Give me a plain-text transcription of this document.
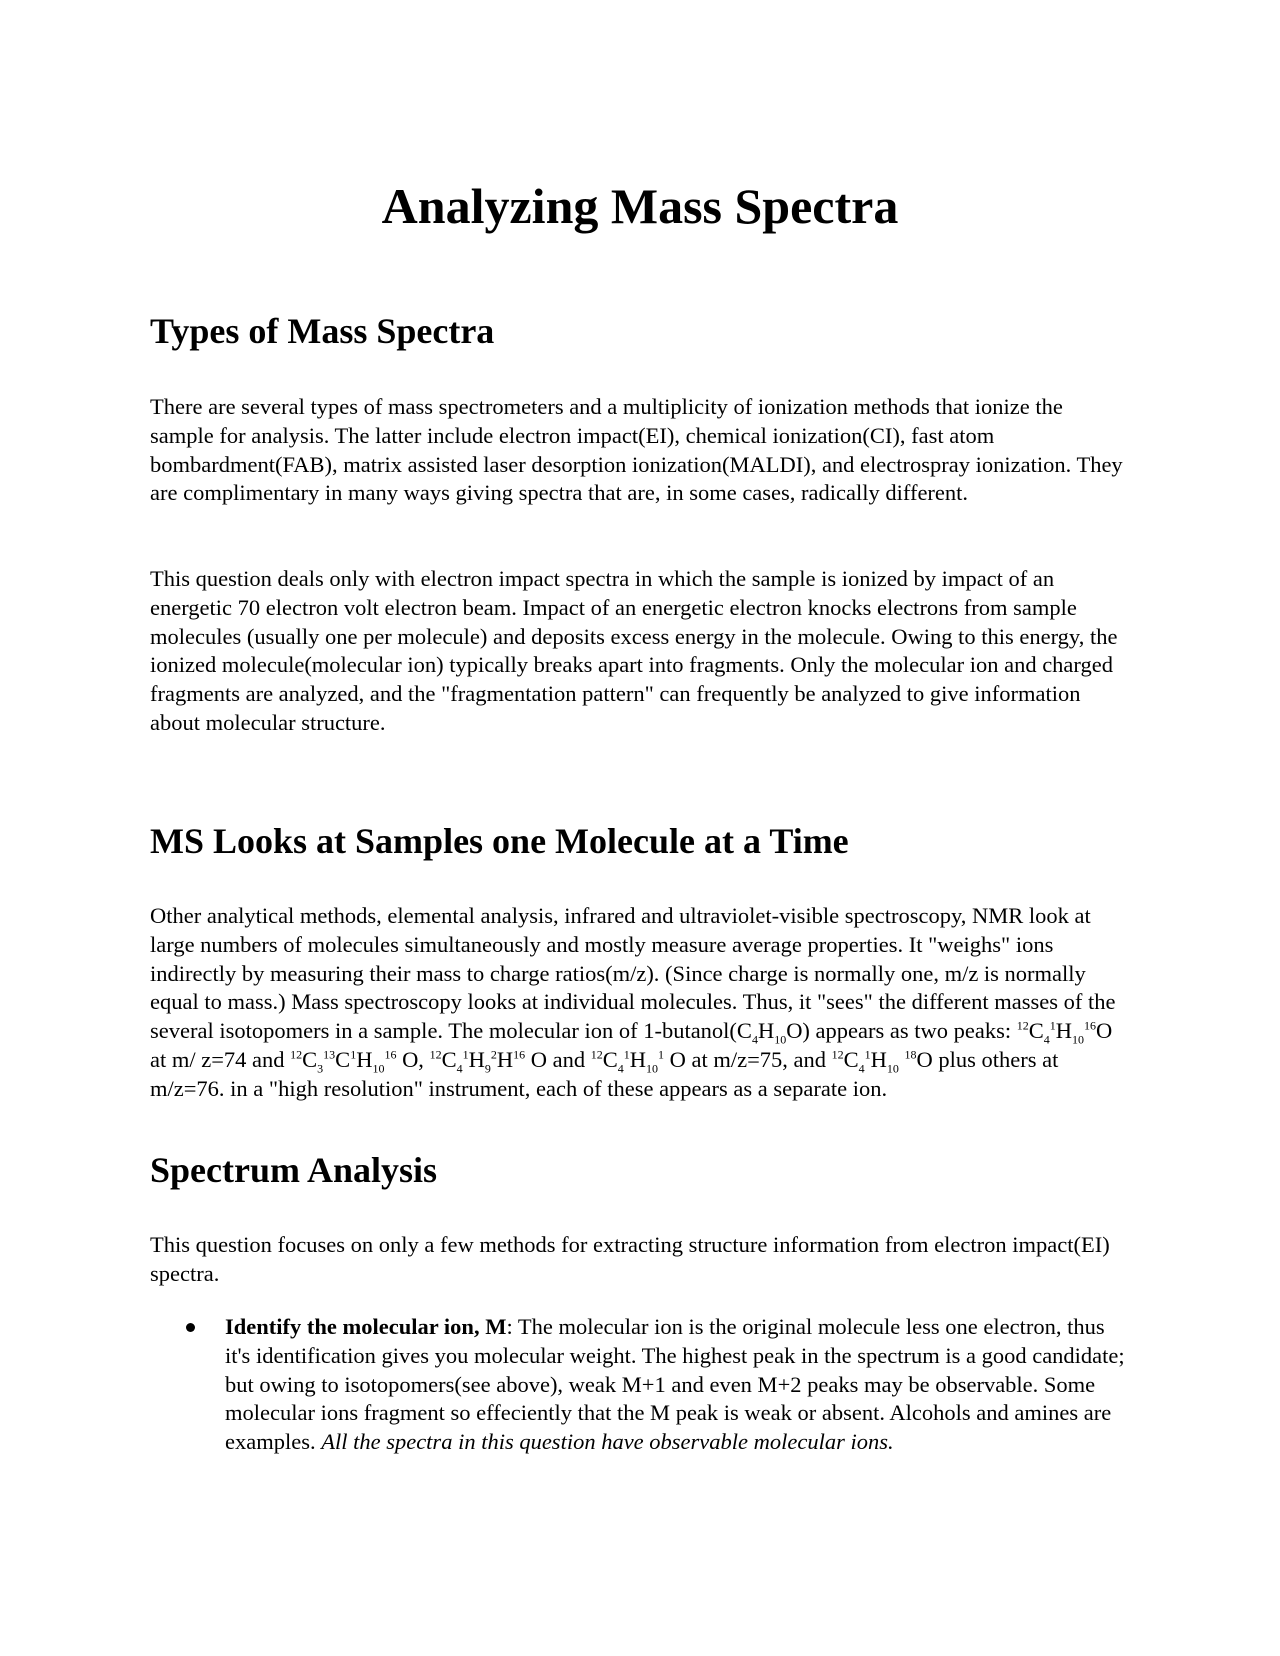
Analyzing Mass Spectra
Types of Mass Spectra

There are several types of mass spectrometers and a multiplicity of ionization methods that ionize the sample for analysis. The latter include electron impact(EI), chemical ionization(CI), fast atom bombardment(FAB), matrix assisted laser desorption ionization(MALDI), and electrospray ionization. They are complimentary in many ways giving spectra that are, in some cases, radically different.

This question deals only with electron impact spectra in which the sample is ionized by impact of an energetic 70 electron volt electron beam. Impact of an energetic electron knocks electrons from sample molecules (usually one per molecule) and deposits excess energy in the molecule. Owing to this energy, the ionized molecule(molecular ion) typically breaks apart into fragments. Only the molecular ion and charged fragments are analyzed, and the "fragmentation pattern" can frequently be analyzed to give information about molecular structure.

MS Looks at Samples one Molecule at a Time

Other analytical methods, elemental analysis, infrared and ultraviolet-visible spectroscopy, NMR look at large numbers of molecules simultaneously and mostly measure average properties. It "weighs" ions indirectly by measuring their mass to charge ratios(m/z). (Since charge is normally one, m/z is normally equal to mass.) Mass spectroscopy looks at individual molecules. Thus, it "sees" the different masses of the several isotopomers in a sample. The molecular ion of $1-butanol(C_4H_{10}O)$ appears as two peaks: $^{12}C_4^1H_{10}^{16}O$ at m/ z=74 and $^{12}C_3^{13}C^1H_{10}^{16}$ O, $^{12}C_4^1H_9^2H^{16}$ O and $^{12}C_4^1H_{10}^1$ O at m/z=75, and $^{12}C_4^1H_{10}$ $^{18}$O plus others at m/z=76. in a "high resolution" instrument, each of these appears as a separate ion.

Spectrum Analysis

This question focuses on only a few methods for extracting structure information from electron impact(EI) spectra.

Identify the molecular ion, M: The molecular ion is the original molecule less one electron, thus it's identification gives you molecular weight. The highest peak in the spectrum is a good candidate; but owing to isotopomers(see above), weak M+1 and even M+2 peaks may be observable. Some molecular ions fragment so effeciently that the M peak is weak or absent. Alcohols and amines are examples. All the spectra in this question have observable molecular ions.
